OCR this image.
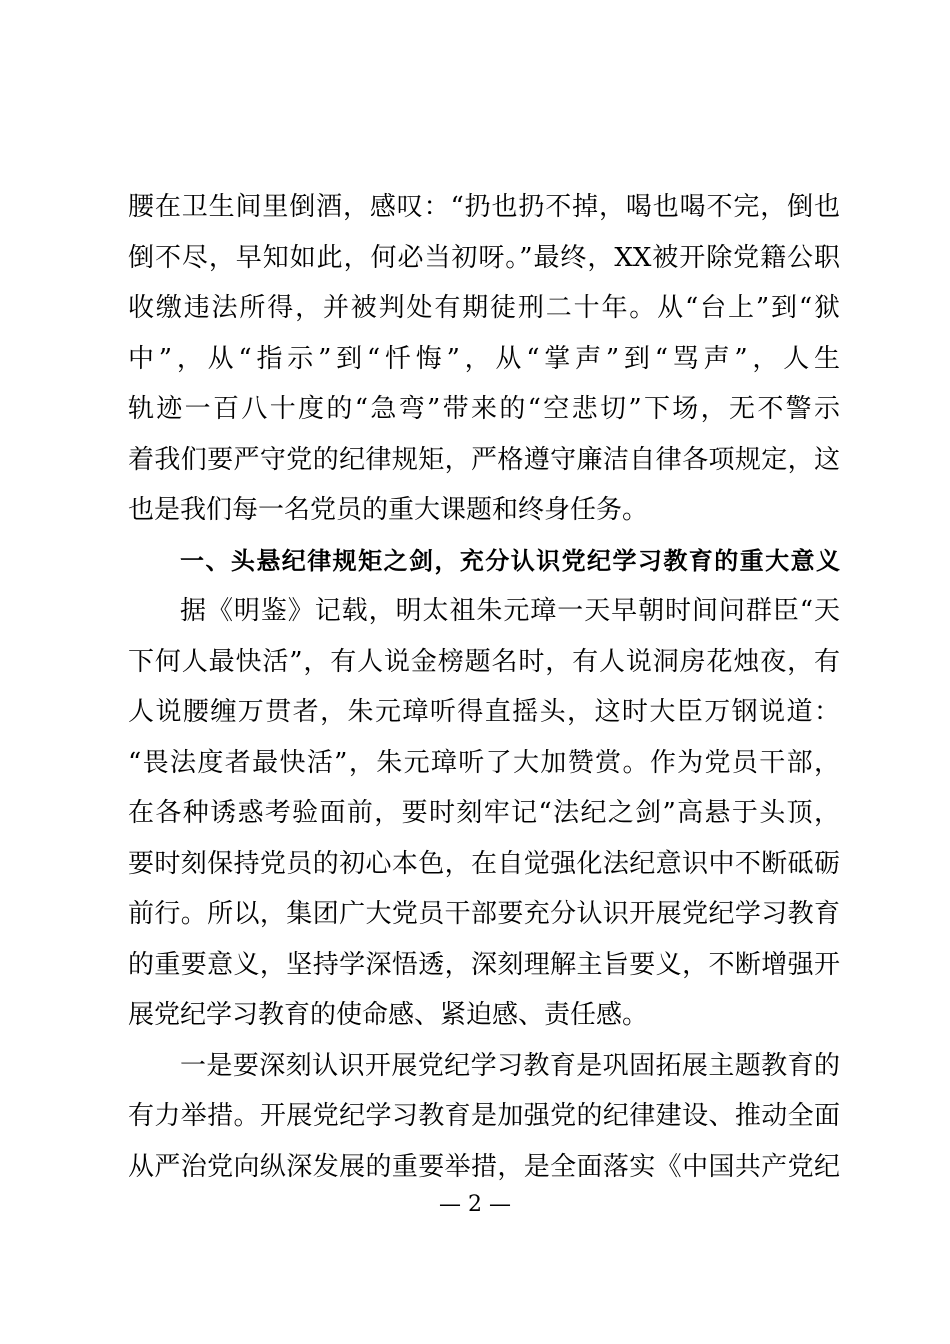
腰在卫生间里倒酒，感叹：“扔也扔不掉，喝也喝不完，倒也
倒不尽，早知如此，何必当初呀。”最终，XX被开除党籍公职
收缴违法所得，并被判处有期徒刑二十年。从“台上”到“狱
中”，从“指示”到“忏悔”，从“掌声”到“骂声”，人生
轨迹一百八十度的“急弯”带来的“空悲切”下场，无不警示
着我们要严守党的纪律规矩，严格遵守廉洁自律各项规定，这
也是我们每一名党员的重大课题和终身任务。
一、头悬纪律规矩之剑，充分认识党纪学习教育的重大意义
据《明鉴》记载，明太祖朱元璋一天早朝时间问群臣“天
下何人最快活”，有人说金榜题名时，有人说洞房花烛夜，有
人说腰缠万贯者，朱元璋听得直摇头，这时大臣万钢说道：
“畏法度者最快活”，朱元璋听了大加赞赏。作为党员干部，
在各种诱惑考验面前，要时刻牢记“法纪之剑”高悬于头顶，
要时刻保持党员的初心本色，在自觉强化法纪意识中不断砥砺
前行。所以，集团广大党员干部要充分认识开展党纪学习教育
的重要意义，坚持学深悟透，深刻理解主旨要义，不断增强开
展党纪学习教育的使命感、紧迫感、责任感。
一是要深刻认识开展党纪学习教育是巩固拓展主题教育的
有力举措。开展党纪学习教育是加强党的纪律建设、推动全面
从严治党向纵深发展的重要举措，是全面落实《中国共产党纪
— 2 —
